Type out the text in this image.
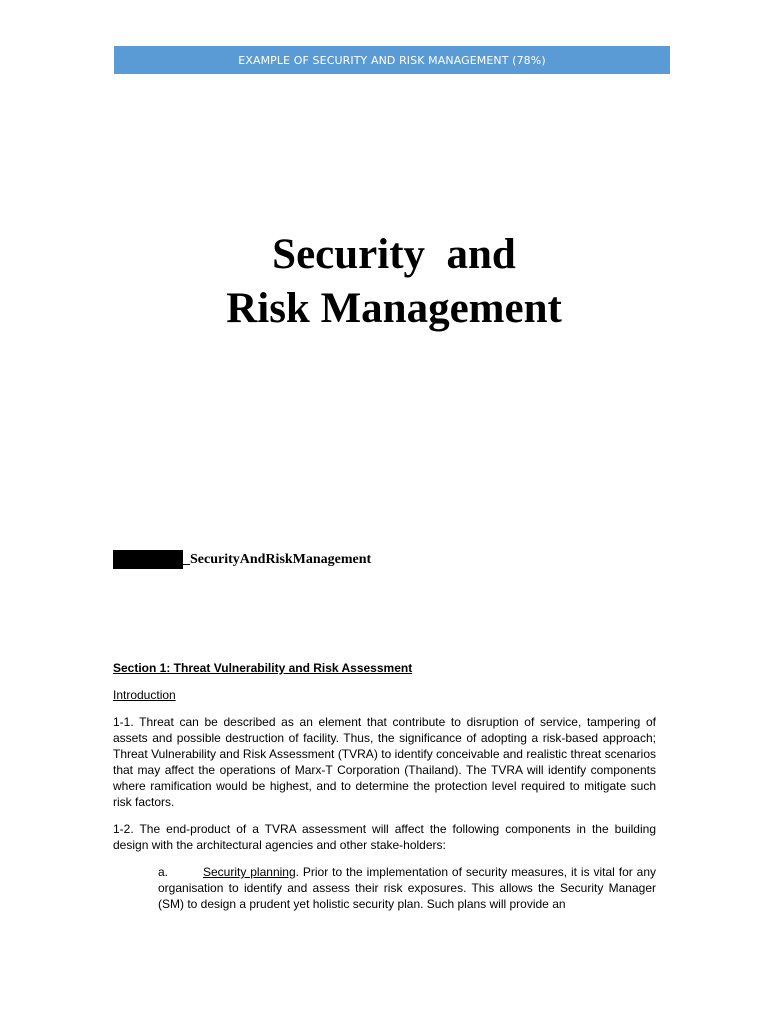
EXAMPLE OF SECURITY AND RISK MANAGEMENT (78%)
Security  and
Risk Management
_SecurityAndRiskManagement

Section 1: Threat Vulnerability and Risk Assessment

Introduction

1-1. Threat can be described as an element that contribute to disruption of service, tampering of assets and possible destruction of facility. Thus, the significance of adopting a risk-based approach; Threat Vulnerability and Risk Assessment (TVRA) to identify conceivable and realistic threat scenarios that may affect the operations of Marx-T Corporation (Thailand). The TVRA will identify components where ramification would be highest, and to determine the protection level required to mitigate such risk factors.

1-2. The end-product of a TVRA assessment will affect the following components in the building design with the architectural agencies and other stake-holders:

a.	Security planning. Prior to the implementation of security measures, it is vital for any organisation to identify and assess their risk exposures. This allows the Security Manager (SM) to design a prudent yet holistic security plan. Such plans will provide an
